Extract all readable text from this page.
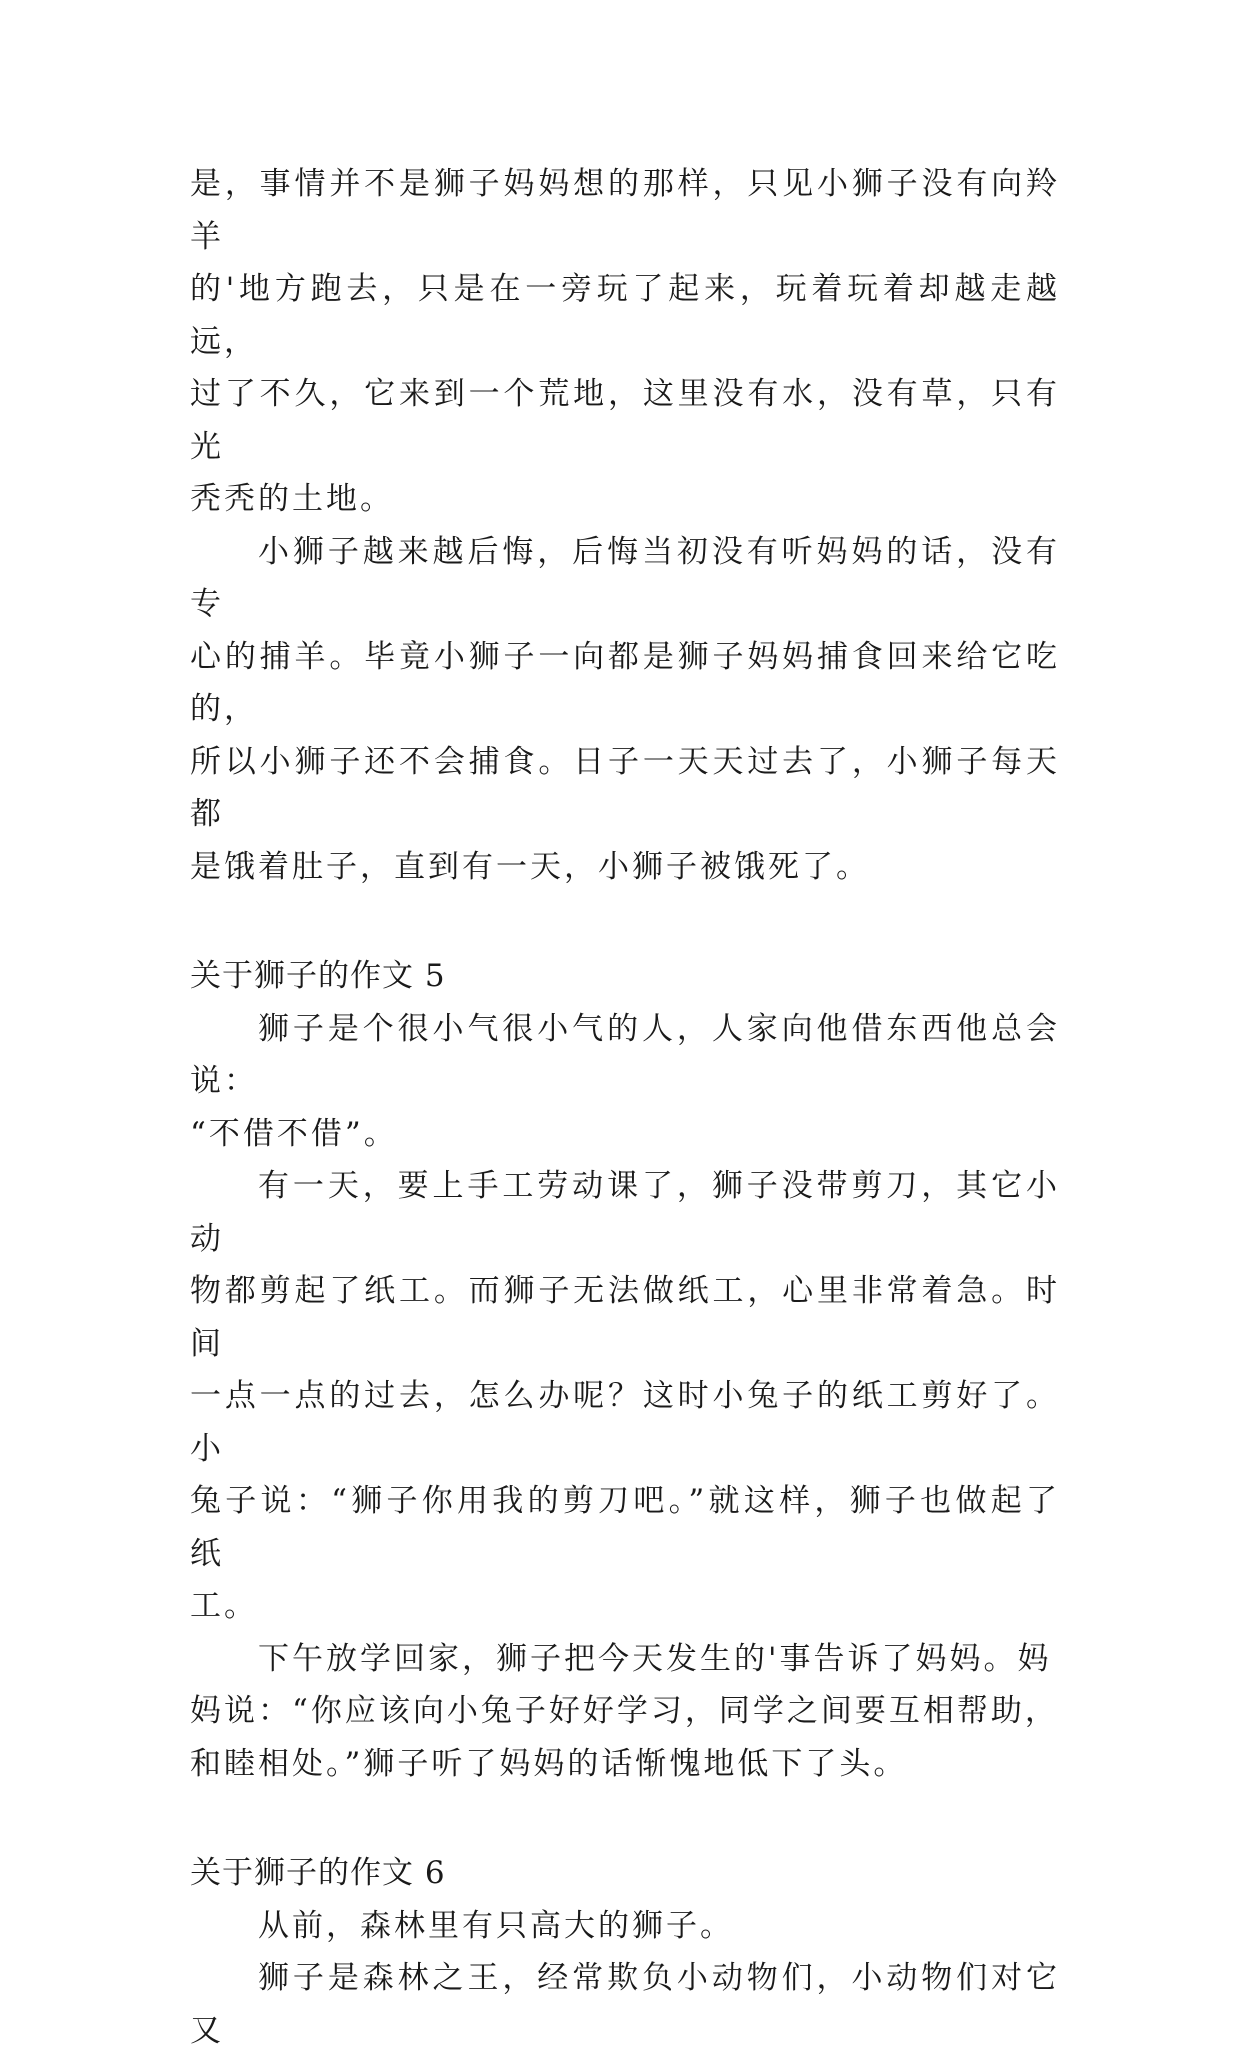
是，事情并不是狮子妈妈想的那样，只见小狮子没有向羚羊
的'地方跑去，只是在一旁玩了起来，玩着玩着却越走越远，
过了不久，它来到一个荒地，这里没有水，没有草，只有光
秃秃的土地。

小狮子越来越后悔，后悔当初没有听妈妈的话，没有专
心的捕羊。毕竟小狮子一向都是狮子妈妈捕食回来给它吃的，
所以小狮子还不会捕食。日子一天天过去了，小狮子每天都
是饿着肚子，直到有一天，小狮子被饿死了。

关于狮子的作文 5

狮子是个很小气很小气的人，人家向他借东西他总会说：
“不借不借”。

有一天，要上手工劳动课了，狮子没带剪刀，其它小动
物都剪起了纸工。而狮子无法做纸工，心里非常着急。时间
一点一点的过去，怎么办呢？这时小兔子的纸工剪好了。小
兔子说：“狮子你用我的剪刀吧。”就这样，狮子也做起了纸
工。

下午放学回家，狮子把今天发生的'事告诉了妈妈。妈
妈说：“你应该向小兔子好好学习，同学之间要互相帮助，
和睦相处。”狮子听了妈妈的话惭愧地低下了头。

关于狮子的作文 6

从前，森林里有只高大的狮子。

狮子是森林之王，经常欺负小动物们，小动物们对它又
